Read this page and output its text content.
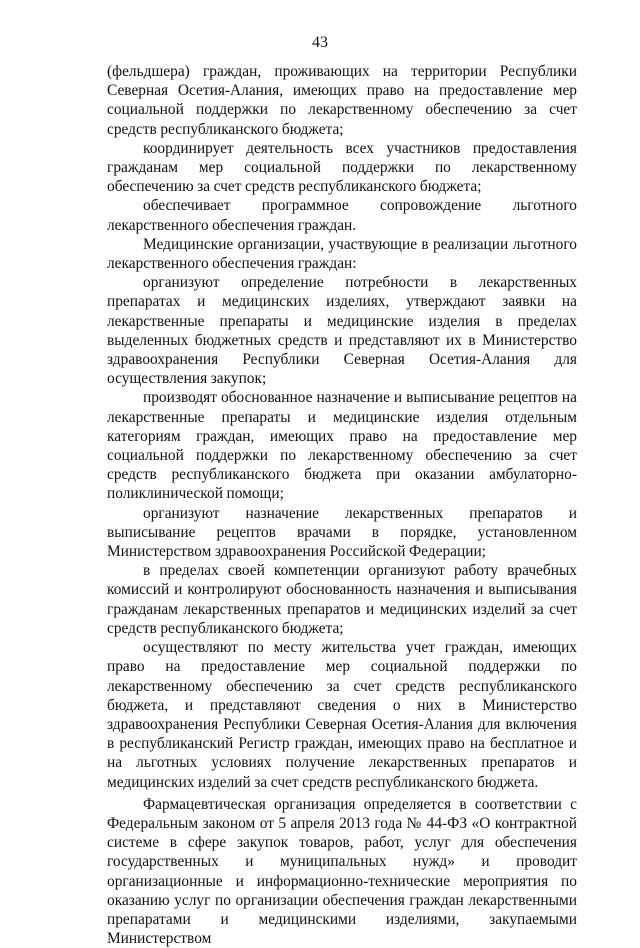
43

(фельдшера) граждан, проживающих на территории Республики Северная Осетия-Алания, имеющих право на предоставление мер социальной поддержки по лекарственному обеспечению за счет средств республиканского бюджета;

координирует деятельность всех участников предоставления гражданам мер социальной поддержки по лекарственному обеспечению за счет средств республиканского бюджета;

обеспечивает программное сопровождение льготного лекарственного обеспечения граждан.

Медицинские организации, участвующие в реализации льготного лекарственного обеспечения граждан:

организуют определение потребности в лекарственных препаратах и медицинских изделиях, утверждают заявки на лекарственные препараты и медицинские изделия в пределах выделенных бюджетных средств и представляют их в Министерство здравоохранения Республики Северная Осетия-Алания для осуществления закупок;

производят обоснованное назначение и выписывание рецептов на лекарственные препараты и медицинские изделия отдельным категориям граждан, имеющих право на предоставление мер социальной поддержки по лекарственному обеспечению за счет средств республиканского бюджета при оказании амбулаторно-поликлинической помощи;

организуют назначение лекарственных препаратов и выписывание рецептов врачами в порядке, установленном Министерством здравоохранения Российской Федерации;

в пределах своей компетенции организуют работу врачебных комиссий и контролируют обоснованность назначения и выписывания гражданам лекарственных препаратов и медицинских изделий за счет средств республиканского бюджета;

осуществляют по месту жительства учет граждан, имеющих право на предоставление мер социальной поддержки по лекарственному обеспечению за счет средств республиканского бюджета, и представляют сведения о них в Министерство здравоохранения Республики Северная Осетия-Алания для включения в республиканский Регистр граждан, имеющих право на бесплатное и на льготных условиях получение лекарственных препаратов и медицинских изделий за счет средств республиканского бюджета.

Фармацевтическая организация определяется в соответствии с Федеральным законом от 5 апреля 2013 года № 44-ФЗ «О контрактной системе в сфере закупок товаров, работ, услуг для обеспечения государственных и муниципальных нужд» и проводит организационные и информационно-технические мероприятия по оказанию услуг по организации обеспечения граждан лекарственными препаратами и медицинскими изделиями, закупаемыми Министерством
